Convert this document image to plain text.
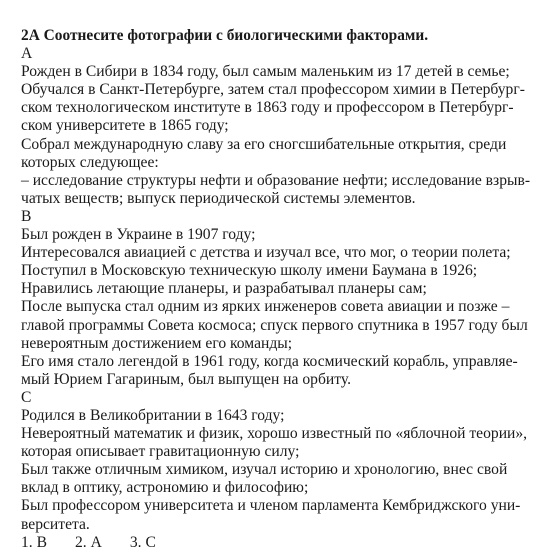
2А Соотнесите фотографии с биологическими факторами.

А

Рожден в Сибири в 1834 году, был самым маленьким из 17 детей в семье;

Обучался в Санкт-Петербурге, затем стал профессором химии в Петербург-

ском технологическом институте в 1863 году и профессором в Петербург-

ском университете в 1865 году;

Собрал международную славу за его сногсшибательные открытия, среди

которых следующее:

– исследование структуры нефти и образование нефти; исследование взрыв-

чатых веществ; выпуск периодической системы элементов.

В

Был рожден в Украине в 1907 году;

Интересовался авиацией с детства и изучал все, что мог, о теории полета;

Поступил в Московскую техническую школу имени Баумана в 1926;

Нравились летающие планеры, и разрабатывал планеры сам;

После выпуска стал одним из ярких инженеров совета авиации и позже –

главой программы Совета космоса; спуск первого спутника в 1957 году был

невероятным достижением его команды;

Его имя стало легендой в 1961 году, когда космический корабль, управляе-

мый Юрием Гагариным, был выпущен на орбиту.

С

Родился в Великобритании в 1643 году;

Невероятный математик и физик, хорошо известный по «яблочной теории»,

которая описывает гравитационную силу;

Был также отличным химиком, изучал историю и хронологию, внес свой

вклад в оптику, астрономию и философию;

Был профессором университета и членом парламента Кембриджского уни-

верситета.

1. В 2. А 3. С
